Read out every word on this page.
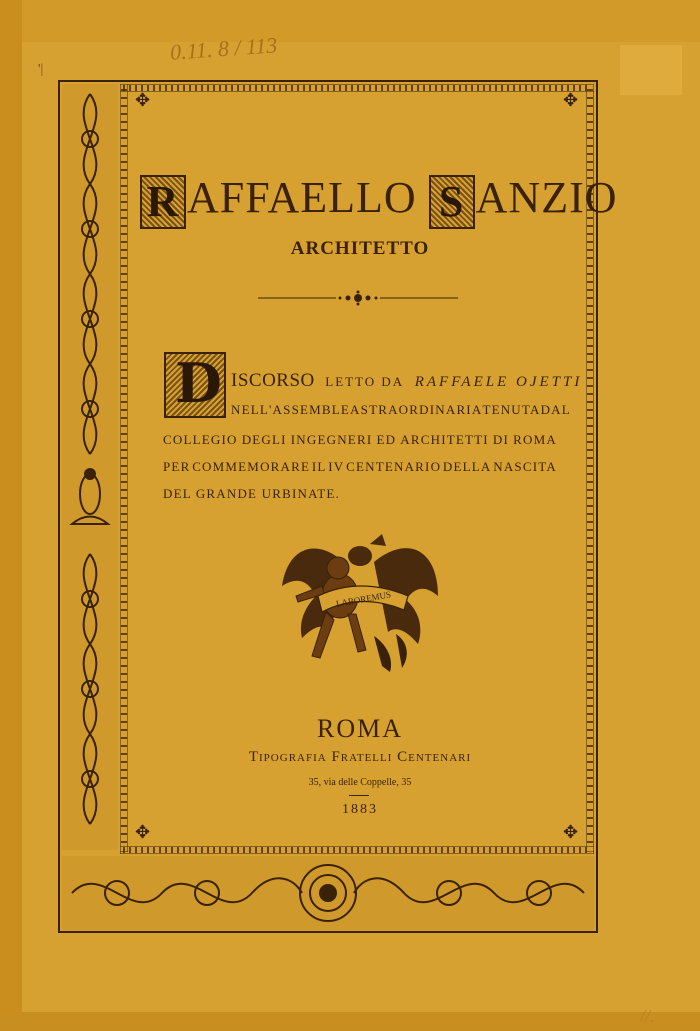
0.11. 8 / 113
'|
//.
✥	✥
✥	✥
R AFFAELLO S ANZIO
ARCHITETTO
D ISCORSO LETTO DA RAFFAELE OJETTI
NELL'ASSEMBLEA STRAORDINARIA TENUTA DAL
COLLEGIO DEGLI INGEGNERI ED ARCHITETTI DI ROMA
PER COMMEMORARE IL IV CENTENARIO DELLA NASCITA
DEL GRANDE URBINATE.
LABOREMUS
ROMA
Tipografia Fratelli Centenari
35, via delle Coppelle, 35
1883
